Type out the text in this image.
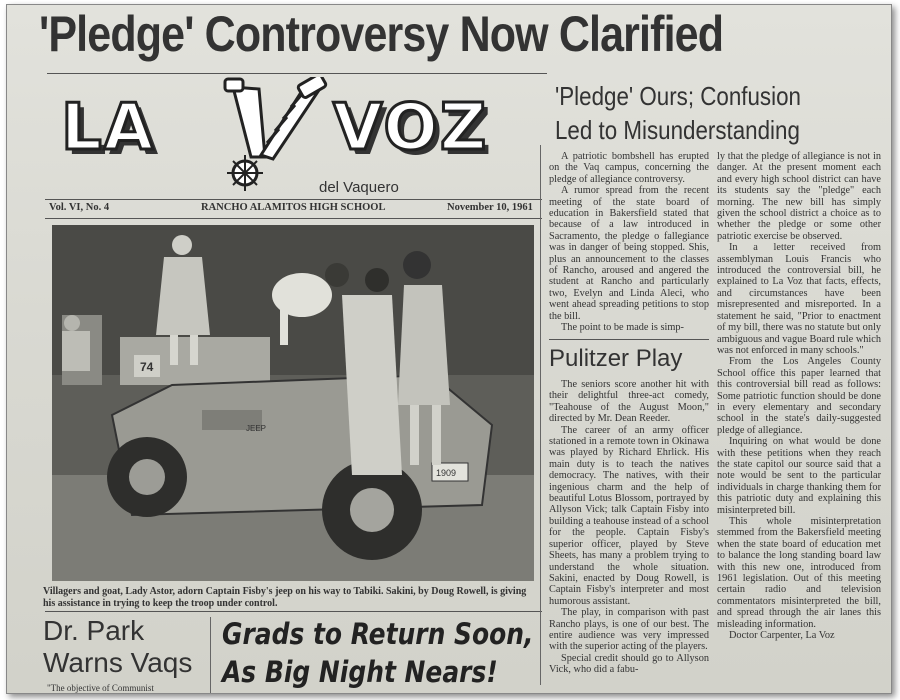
'Pledge' Controversy Now Clarified
LA	VOZ
del Vaquero
Vol. VI, No. 4	RANCHO ALAMITOS HIGH SCHOOL	November 10, 1961
74
JEEP
1909
Villagers and goat, Lady Astor, adorn Captain Fisby's jeep on his way to Tabiki. Sakini, by Doug Rowell, is giving his assistance in trying to keep the troop under control.
Dr. Park
Warns Vaqs
"The objective of Communist
Grads to Return Soon,
As Big Night Nears!
'Pledge' Ours; Confusion
Led to Misunderstanding

A patriotic bombshell has erupted on the Vaq campus, concerning the pledge of allegiance controversy.

A rumor spread from the recent meeting of the state board of education in Bakersfield stated that because of a law introduced in Sacramento, the pledge o fallegiance was in danger of being stopped. Shis, plus an announcement to the classes of Rancho, aroused and angered the student at Rancho and particularly two, Evelyn and Linda Aleci, who went ahead spreading petitions to stop the bill.

The point to be made is simp-

Pulitzer Play

The seniors score another hit with their delightful three-act comedy, "Teahouse of the August Moon," directed by Mr. Dean Reeder.

The career of an army officer stationed in a remote town in Okinawa was played by Richard Ehrlick. His main duty is to teach the natives democracy. The natives, with their ingenious charm and the help of beautiful Lotus Blossom, portrayed by Allyson Vick; talk Captain Fisby into building a teahouse instead of a school for the people. Captain Fisby's superior officer, played by Steve Sheets, has many a problem trying to understand the whole situation. Sakini, enacted by Doug Rowell, is Captain Fisby's interpreter and most humorous assistant.

The play, in comparison with past Rancho plays, is one of our best. The entire audience was very impressed with the superior acting of the players.

Special credit should go to Allyson Vick, who did a fabu-

ly that the pledge of allegiance is not in danger. At the present moment each and every high school district can have its students say the "pledge" each morning. The new bill has simply given the school district a choice as to whether the pledge or some other patriotic exercise be observed.

In a letter received from assemblyman Louis Francis who introduced the controversial bill, he explained to La Voz that facts, effects, and circumstances have been misrepresented and misreported. In a statement he said, "Prior to enactment of my bill, there was no statute but only ambiguous and vague Board rule which was not enforced in many schools."

From the Los Angeles County School office this paper learned that this controversial bill read as follows: Some patriotic function should be done in every elementary and secondary school in the state's daily-suggested pledge of allegiance.

Inquiring on what would be done with these petitions when they reach the state capitol our source said that a note would be sent to the particular individuals in charge thanking them for this patriotic duty and explaining this misinterpreted bill.

This whole misinterpretation stemmed from the Bakersfield meeting when the state board of education met to balance the long standing board law with this new one, introduced from 1961 legislation. Out of this meeting certain radio and television commentators misinterpreted the bill, and spread through the air lanes this misleading information.

Doctor Carpenter, La Voz
